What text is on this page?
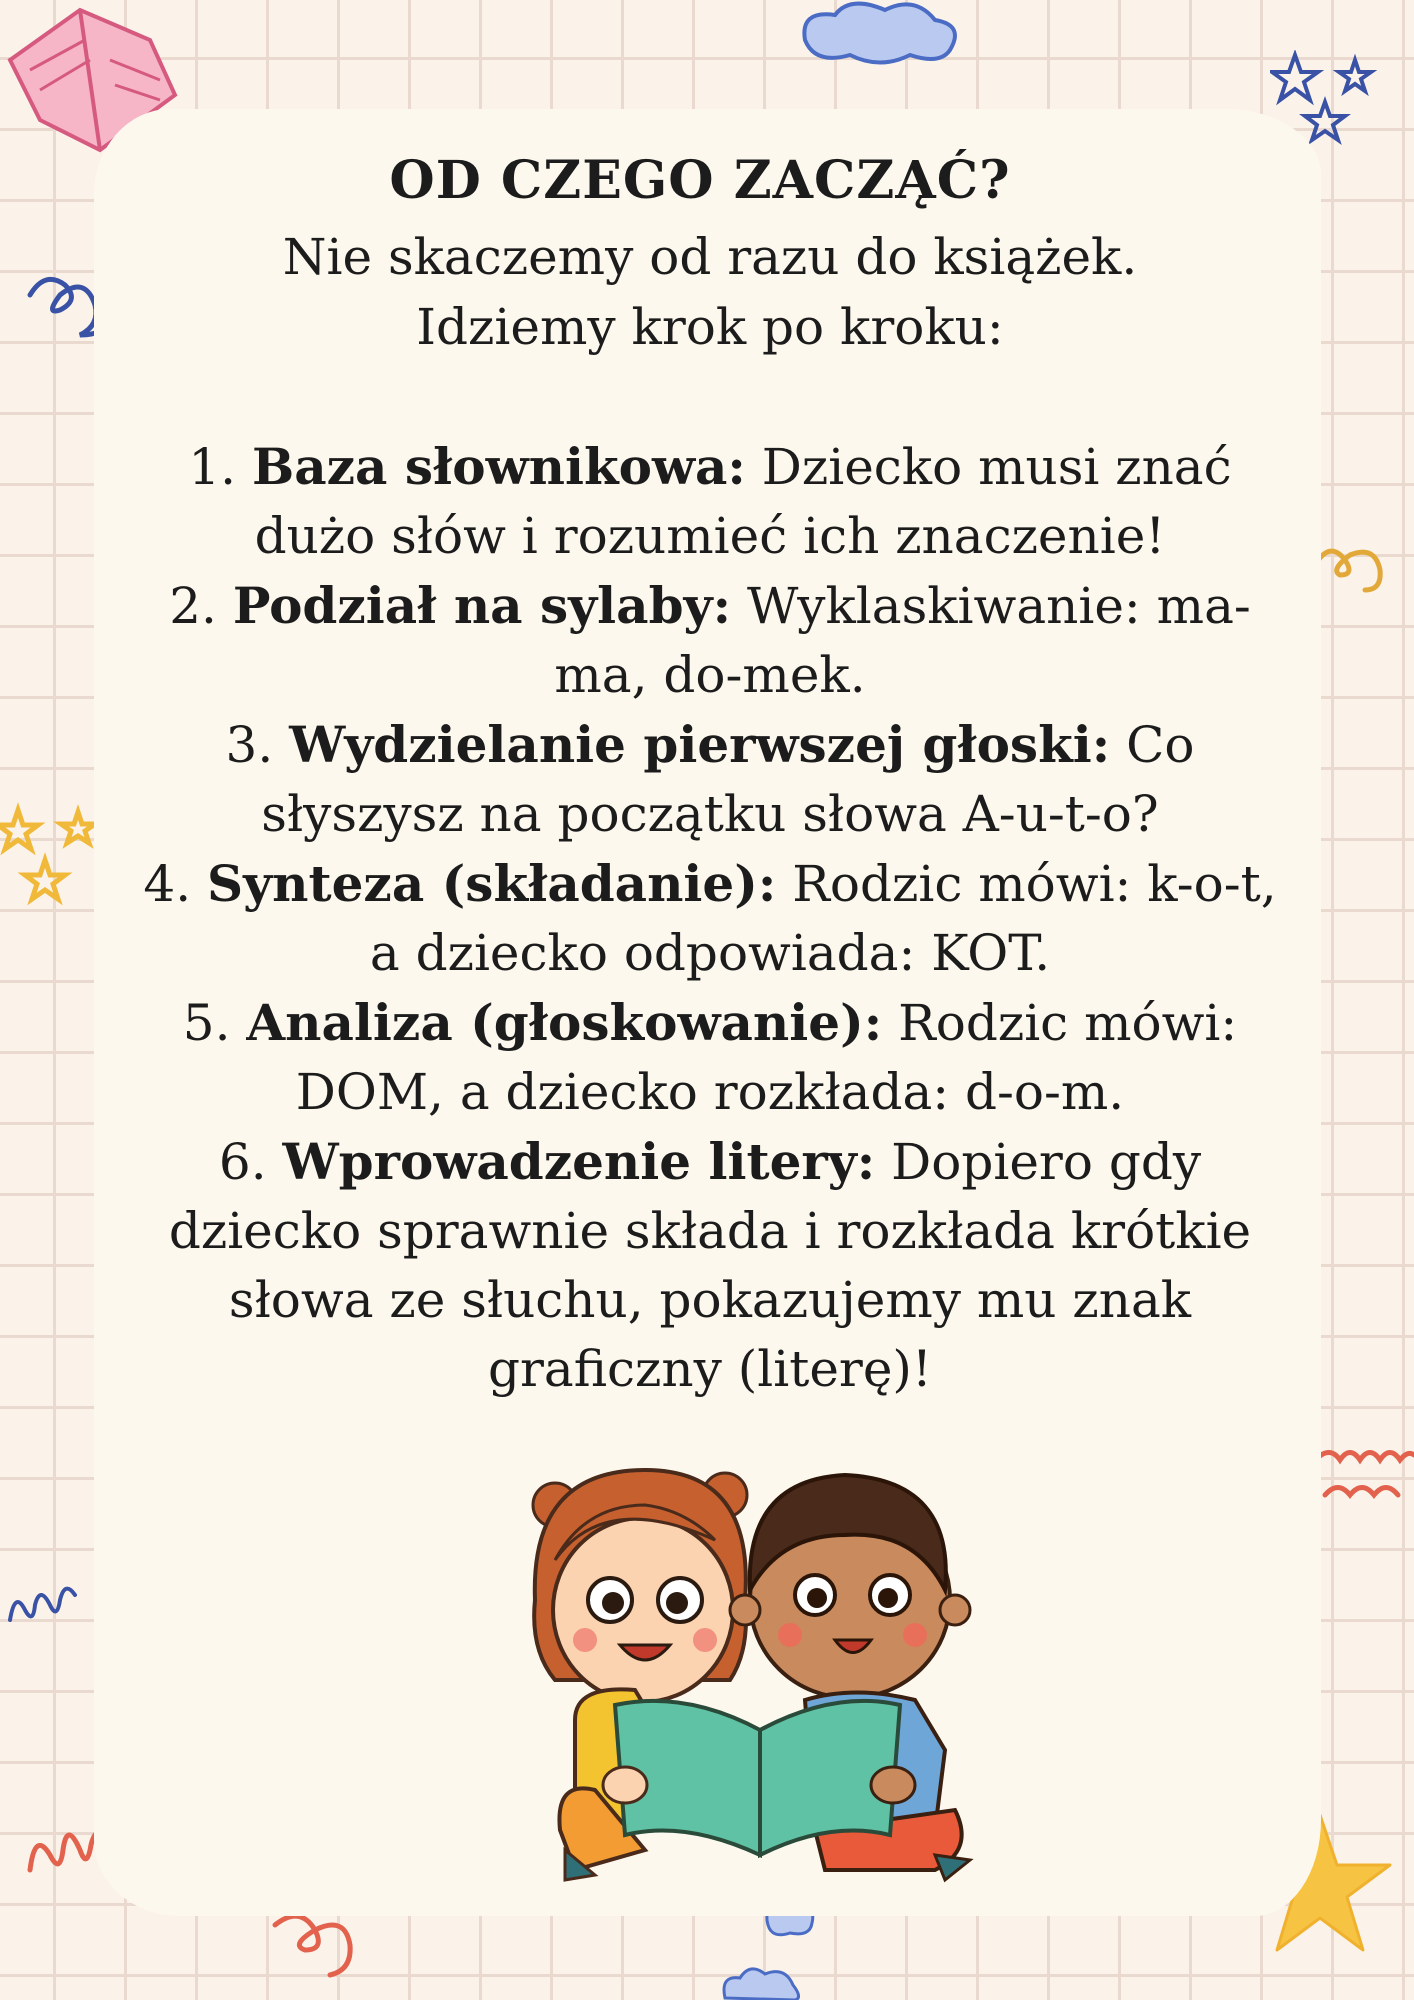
OD CZEGO ZACZĄĆ?

Nie skaczemy od razu do książek.
Idziemy krok po kroku:

1. Baza słownikowa: Dziecko musi znać dużo słów i rozumieć ich znaczenie!
2. Podział na sylaby: Wyklaskiwanie: ma-ma, do-mek.
3. Wydzielanie pierwszej głoski: Co słyszysz na początku słowa A-u-t-o?
4. Synteza (składanie): Rodzic mówi: k-o-t, a dziecko odpowiada: KOT.
5. Analiza (głoskowanie): Rodzic mówi: DOM, a dziecko rozkłada: d-o-m.
6. Wprowadzenie litery: Dopiero gdy dziecko sprawnie składa i rozkłada krótkie słowa ze słuchu, pokazujemy mu znak graficzny (literę)!
